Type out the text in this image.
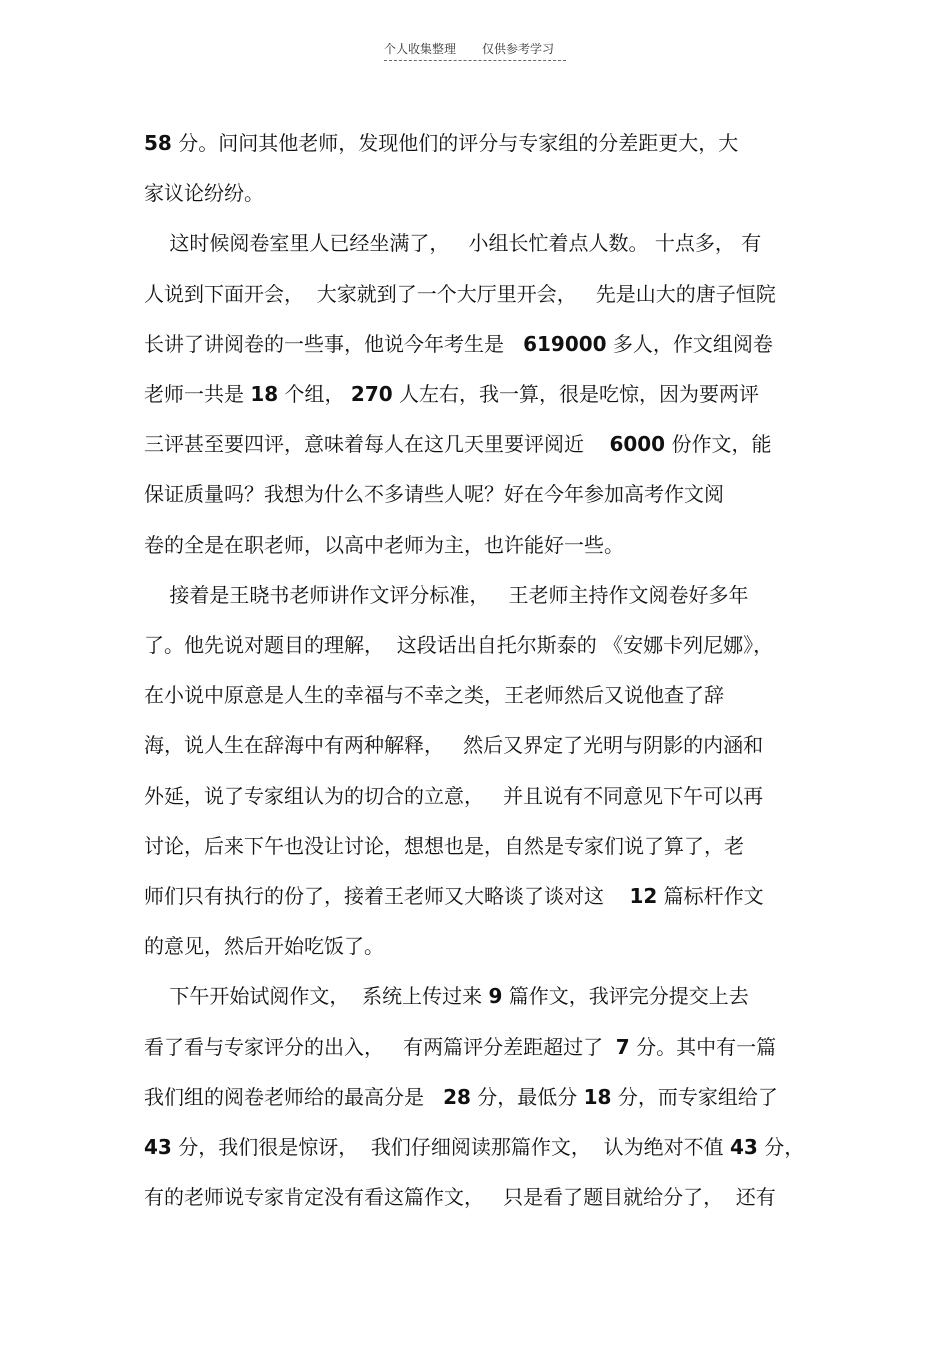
个人收集整理 仅供参考学习
58 分。问问其他老师，发现他们的评分与专家组的分差距更大，大
家议论纷纷。
这时候阅卷室里人已经坐满了，   小组长忙着点人数。 十点多， 有
人说到下面开会，  大家就到了一个大厅里开会，   先是山大的唐子恒院
长讲了讲阅卷的一些事，他说今年考生是   619000 多人，作文组阅卷
老师一共是 18 个组， 270 人左右，我一算，很是吃惊，因为要两评
三评甚至要四评，意味着每人在这几天里要评阅近    6000 份作文，能
保证质量吗？我想为什么不多请些人呢？好在今年参加高考作文阅
卷的全是在职老师，以高中老师为主，也许能好一些。
接着是王晓书老师讲作文评分标准，   王老师主持作文阅卷好多年
了。他先说对题目的理解，  这段话出自托尔斯泰的 《安娜卡列尼娜》，
在小说中原意是人生的幸福与不幸之类，王老师然后又说他查了辞
海，说人生在辞海中有两种解释，   然后又界定了光明与阴影的内涵和
外延，说了专家组认为的切合的立意，   并且说有不同意见下午可以再
讨论，后来下午也没让讨论，想想也是，自然是专家们说了算了，老
师们只有执行的份了，接着王老师又大略谈了谈对这    12 篇标杆作文
的意见，然后开始吃饭了。
下午开始试阅作文，  系统上传过来 9 篇作文，我评完分提交上去
看了看与专家评分的出入，   有两篇评分差距超过了  7 分。其中有一篇
我们组的阅卷老师给的最高分是   28 分，最低分 18 分，而专家组给了
43 分，我们很是惊讶，  我们仔细阅读那篇作文，  认为绝对不值 43 分，
有的老师说专家肯定没有看这篇作文，   只是看了题目就给分了，  还有
